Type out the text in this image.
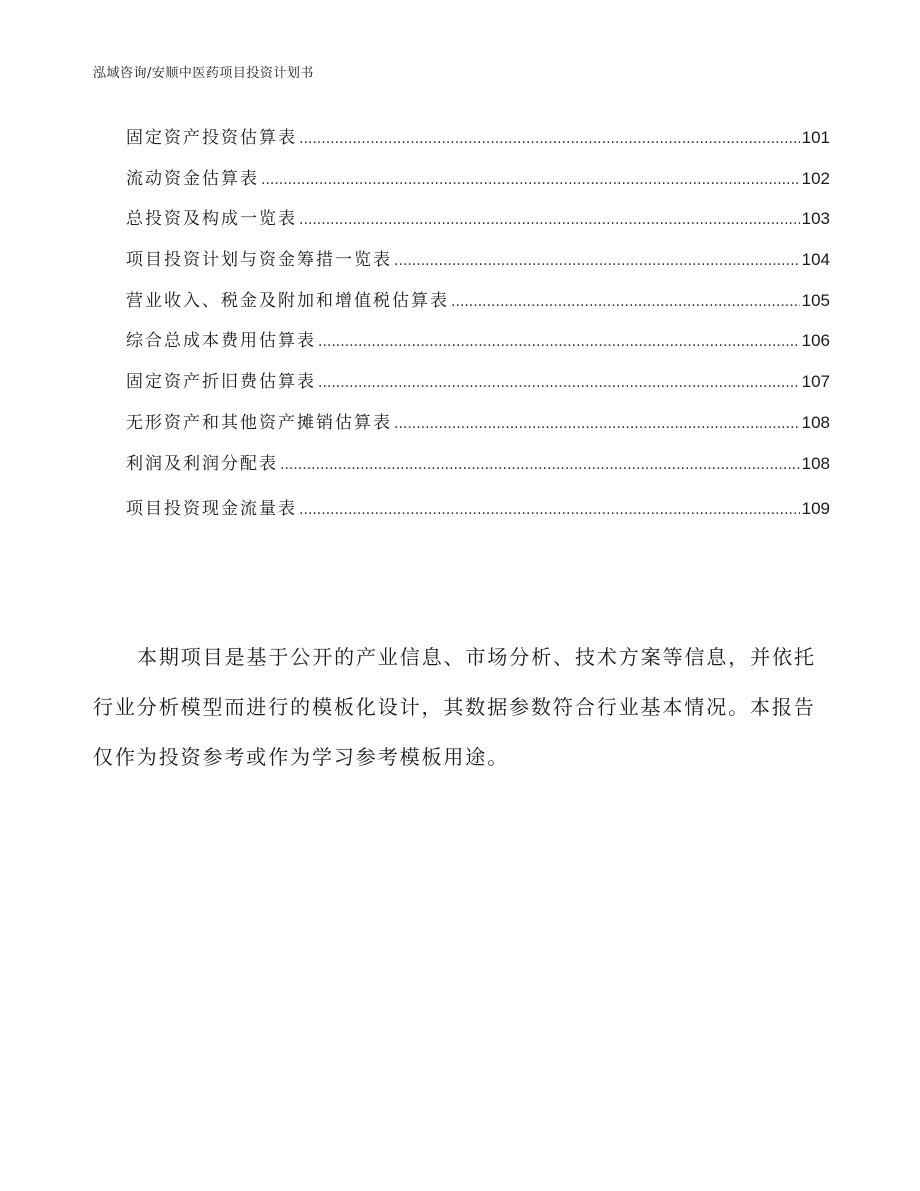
泓域咨询/安顺中医药项目投资计划书
固定资产投资估算表 .....	101
流动资金估算表 .....	102
总投资及构成一览表 .....	103
项目投资计划与资金筹措一览表 .....	104
营业收入、税金及附加和增值税估算表 .....	105
综合总成本费用估算表 .....	106
固定资产折旧费估算表 .....	107
无形资产和其他资产摊销估算表 .....	108
利润及利润分配表 .....	108
项目投资现金流量表 .....	109

本期项目是基于公开的产业信息、市场分析、技术方案等信息，并依托行业分析模型而进行的模板化设计，其数据参数符合行业基本情况。本报告仅作为投资参考或作为学习参考模板用途。
